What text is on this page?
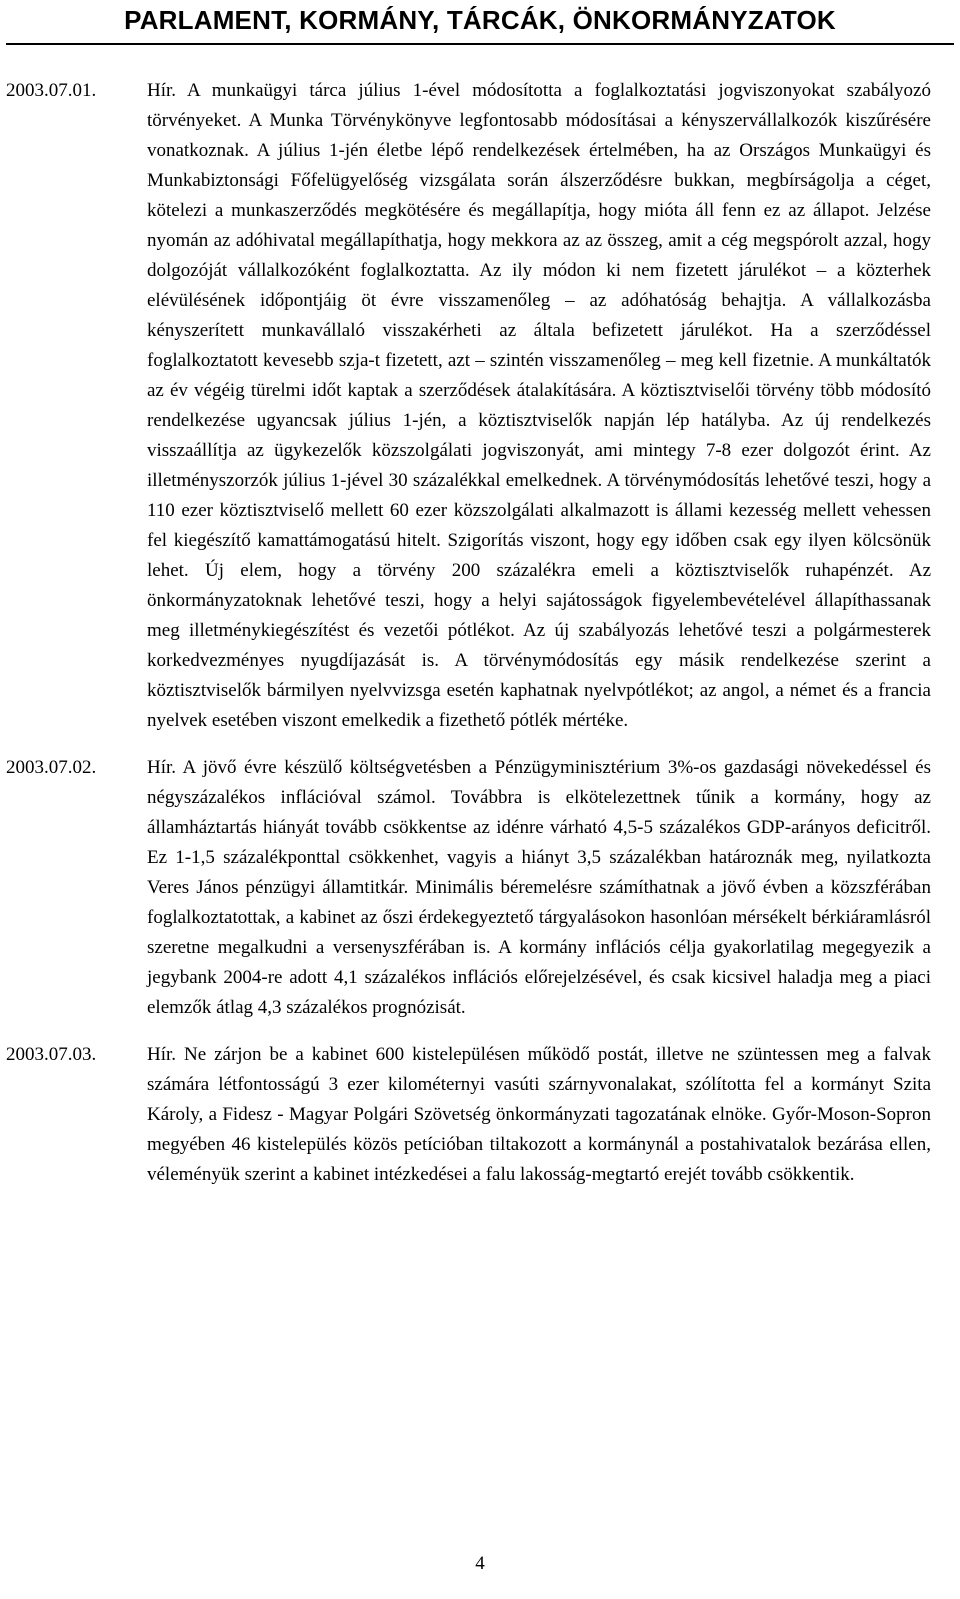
PARLAMENT, KORMÁNY, TÁRCÁK, ÖNKORMÁNYZATOK
2003.07.01.	Hír. A munkaügyi tárca július 1-ével módosította a foglalkoztatási jogviszonyokat szabályozó törvényeket. A Munka Törvénykönyve legfontosabb módosításai a kényszervállalkozók kiszűrésére vonatkoznak. A július 1-jén életbe lépő rendelkezések értelmében, ha az Országos Munkaügyi és Munkabiztonsági Főfelügyelőség vizsgálata során álszerződésre bukkan, megbírságolja a céget, kötelezi a munkaszerződés megkötésére és megállapítja, hogy mióta áll fenn ez az állapot. Jelzése nyomán az adóhivatal megállapíthatja, hogy mekkora az az összeg, amit a cég megspórolt azzal, hogy dolgozóját vállalkozóként foglalkoztatta. Az ily módon ki nem fizetett járulékot – a közterhek elévülésének időpontjáig öt évre visszamenőleg – az adóhatóság behajtja. A vállalkozásba kényszerített munkavállaló visszakérheti az általa befizetett járulékot. Ha a szerződéssel foglalkoztatott kevesebb szja-t fizetett, azt – szintén visszamenőleg – meg kell fizetnie. A munkáltatók az év végéig türelmi időt kaptak a szerződések átalakítására. A köztisztviselői törvény több módosító rendelkezése ugyancsak július 1-jén, a köztisztviselők napján lép hatályba. Az új rendelkezés visszaállítja az ügykezelők közszolgálati jogviszonyát, ami mintegy 7-8 ezer dolgozót érint. Az illetményszorzók július 1-jével 30 százalékkal emelkednek. A törvénymódosítás lehetővé teszi, hogy a 110 ezer köztisztviselő mellett 60 ezer közszolgálati alkalmazott is állami kezesség mellett vehessen fel kiegészítő kamattámogatású hitelt. Szigorítás viszont, hogy egy időben csak egy ilyen kölcsönük lehet. Új elem, hogy a törvény 200 százalékra emeli a köztisztviselők ruhapénzét. Az önkormányzatoknak lehetővé teszi, hogy a helyi sajátosságok figyelembevételével állapíthassanak meg illetménykiegészítést és vezetői pótlékot. Az új szabályozás lehetővé teszi a polgármesterek korkedvezményes nyugdíjazását is. A törvénymódosítás egy másik rendelkezése szerint a köztisztviselők bármilyen nyelvvizsga esetén kaphatnak nyelvpótlékot; az angol, a német és a francia nyelvek esetében viszont emelkedik a fizethető pótlék mértéke.

2003.07.02.	Hír. A jövő évre készülő költségvetésben a Pénzügyminisztérium 3%-os gazdasági növekedéssel és négyszázalékos inflációval számol. Továbbra is elkötelezettnek tűnik a kormány, hogy az államháztartás hiányát tovább csökkentse az idénre várható 4,5-5 százalékos GDP-arányos deficitről. Ez 1-1,5 százalékponttal csökkenhet, vagyis a hiányt 3,5 százalékban határoznák meg, nyilatkozta Veres János pénzügyi államtitkár. Minimális béremelésre számíthatnak a jövő évben a közszférában foglalkoztatottak, a kabinet az őszi érdekegyeztető tárgyalásokon hasonlóan mérsékelt bérkiáramlásról szeretne megalkudni a versenyszférában is. A kormány inflációs célja gyakorlatilag megegyezik a jegybank 2004-re adott 4,1 százalékos inflációs előrejelzésével, és csak kicsivel haladja meg a piaci elemzők átlag 4,3 százalékos prognózisát.

2003.07.03.	Hír. Ne zárjon be a kabinet 600 kistelepülésen működő postát, illetve ne szüntessen meg a falvak számára létfontosságú 3 ezer kilométernyi vasúti szárnyvonalakat, szólította fel a kormányt Szita Károly, a Fidesz - Magyar Polgári Szövetség önkormányzati tagozatának elnöke. Győr-Moson-Sopron megyében 46 kistelepülés közös petícióban tiltakozott a kormánynál a postahivatalok bezárása ellen, véleményük szerint a kabinet intézkedései a falu lakosság-megtartó erejét tovább csökkentik.

4
